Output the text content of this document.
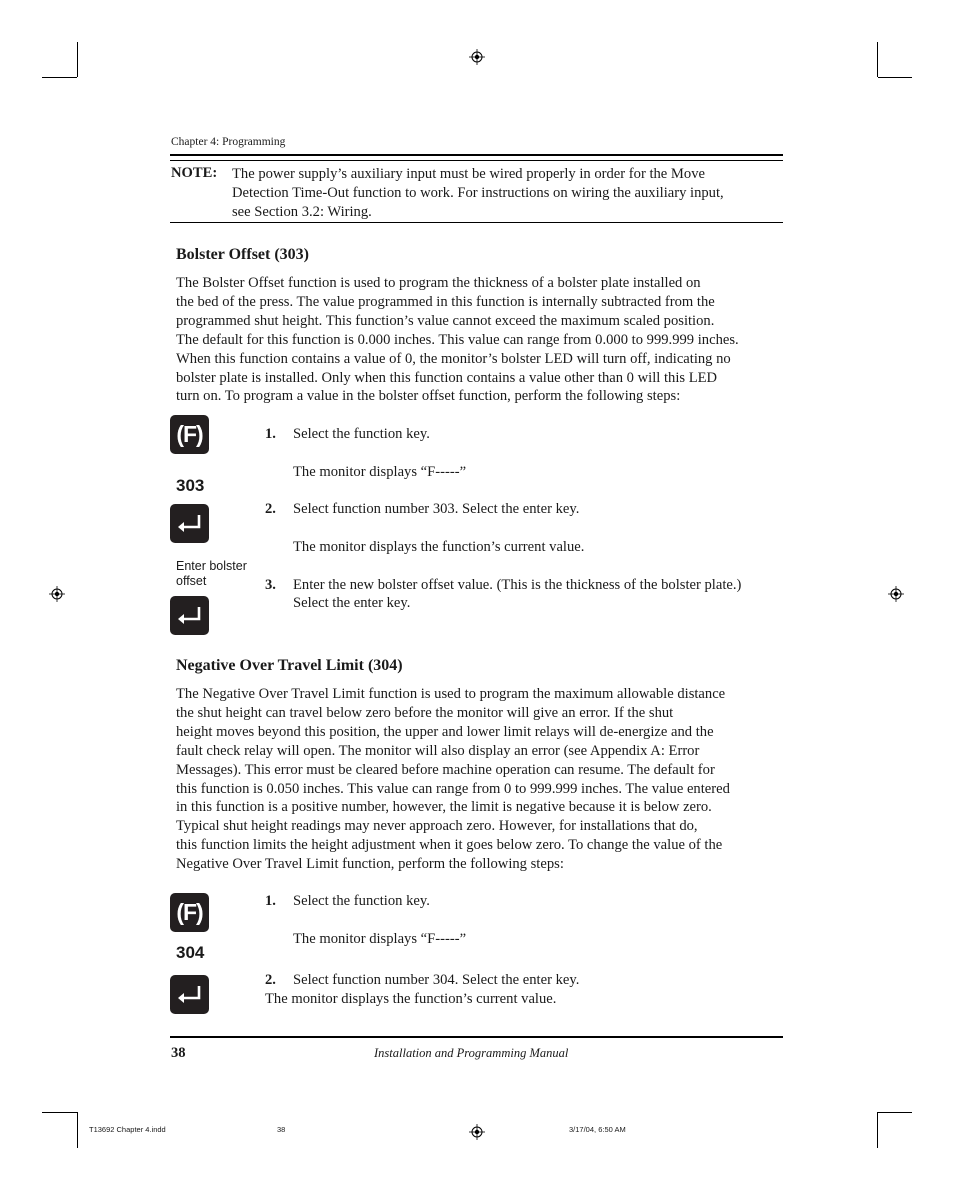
Chapter 4: Programming
NOTE: The power supply’s auxiliary input must be wired properly in order for the Move
Detection Time-Out function to work. For instructions on wiring the auxiliary input,
see Section 3.2: Wiring.
Bolster Offset (303)
The Bolster Offset function is used to program the thickness of a bolster plate installed on
the bed of the press. The value programmed in this function is internally subtracted from the
programmed shut height. This function’s value cannot exceed the maximum scaled position.
The default for this function is 0.000 inches. This value can range from 0.000 to 999.999 inches.
When this function contains a value of 0, the monitor’s bolster LED will turn off, indicating no
bolster plate is installed. Only when this function contains a value other than 0 will this LED
turn on. To program a value in the bolster offset function, perform the following steps:
(F)
303
Enter bolster offset
1. Select the function key.
The monitor displays “F-----”
2. Select function number 303. Select the enter key.
The monitor displays the function’s current value.
3. Enter the new bolster offset value. (This is the thickness of the bolster plate.)
Select the enter key.
Negative Over Travel Limit (304)
The Negative Over Travel Limit function is used to program the maximum allowable distance
the shut height can travel below zero before the monitor will give an error. If the shut
height moves beyond this position, the upper and lower limit relays will de-energize and the
fault check relay will open. The monitor will also display an error (see Appendix A: Error
Messages). This error must be cleared before machine operation can resume. The default for
this function is 0.050 inches. This value can range from 0 to 999.999 inches. The value entered
in this function is a positive number, however, the limit is negative because it is below zero.
Typical shut height readings may never approach zero. However, for installations that do,
this function limits the height adjustment when it goes below zero. To change the value of the
Negative Over Travel Limit function, perform the following steps:
(F)
304
1. Select the function key.
The monitor displays “F-----”
2. Select function number 304. Select the enter key.
The monitor displays the function’s current value.
38	Installation and Programming Manual
T13692 Chapter 4.indd	38	3/17/04, 6:50 AM
